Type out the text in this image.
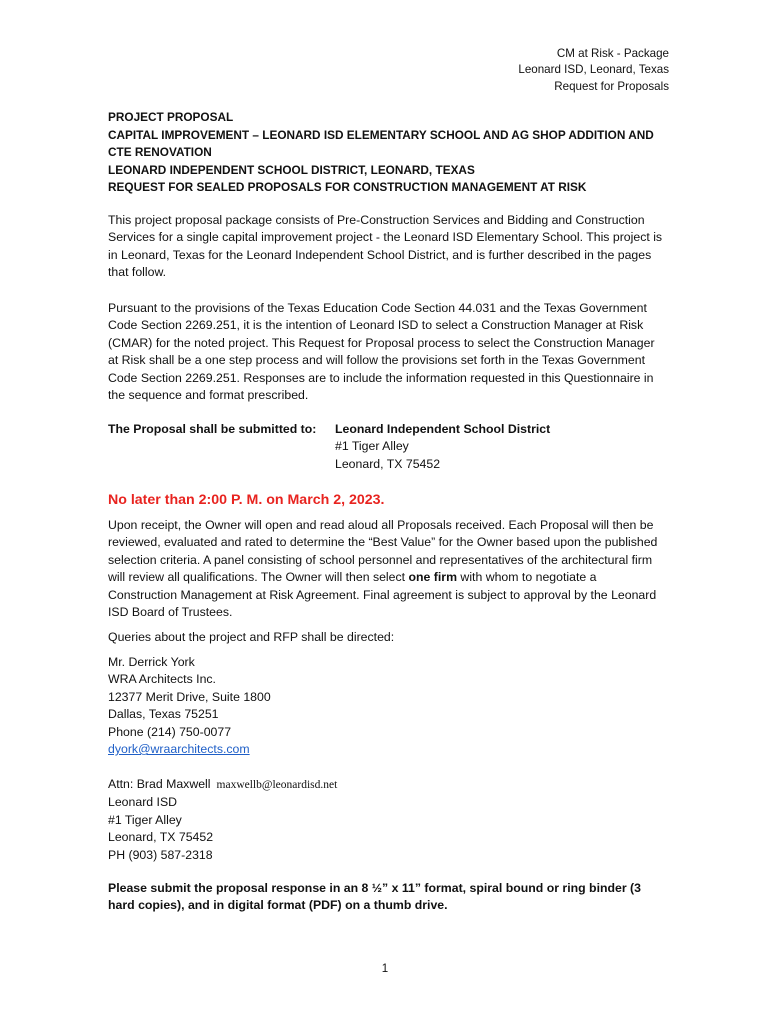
CM at Risk - Package
Leonard ISD, Leonard, Texas
Request for Proposals
PROJECT PROPOSAL
CAPITAL IMPROVEMENT – LEONARD ISD ELEMENTARY SCHOOL AND AG SHOP ADDITION AND CTE RENOVATION
LEONARD INDEPENDENT SCHOOL DISTRICT, LEONARD, TEXAS
REQUEST FOR SEALED PROPOSALS FOR CONSTRUCTION MANAGEMENT AT RISK

This project proposal package consists of Pre-Construction Services and Bidding and Construction Services for a single capital improvement project - the Leonard ISD Elementary School. This project is in Leonard, Texas for the Leonard Independent School District, and is further described in the pages that follow.

Pursuant to the provisions of the Texas Education Code Section 44.031 and the Texas Government Code Section 2269.251, it is the intention of Leonard ISD to select a Construction Manager at Risk (CMAR) for the noted project. This Request for Proposal process to select the Construction Manager at Risk shall be a one step process and will follow the provisions set forth in the Texas Government Code Section 2269.251. Responses are to include the information requested in this Questionnaire in the sequence and format prescribed.

The Proposal shall be submitted to: Leonard Independent School District
#1 Tiger Alley
Leonard, TX 75452
No later than 2:00 P. M. on March 2, 2023.

Upon receipt, the Owner will open and read aloud all Proposals received. Each Proposal will then be reviewed, evaluated and rated to determine the “Best Value” for the Owner based upon the published selection criteria. A panel consisting of school personnel and representatives of the architectural firm will review all qualifications. The Owner will then select one firm with whom to negotiate a Construction Management at Risk Agreement. Final agreement is subject to approval by the Leonard ISD Board of Trustees.

Queries about the project and RFP shall be directed:
Mr. Derrick York
WRA Architects Inc.
12377 Merit Drive, Suite 1800
Dallas, Texas 75251
Phone (214) 750-0077
dyork@wraarchitects.com
Attn: Brad Maxwell maxwellb@leonardisd.net
Leonard ISD
#1 Tiger Alley
Leonard, TX 75452
PH (903) 587-2318
Please submit the proposal response in an 8 ½” x 11” format, spiral bound or ring binder (3 hard copies), and in digital format (PDF) on a thumb drive.
1
